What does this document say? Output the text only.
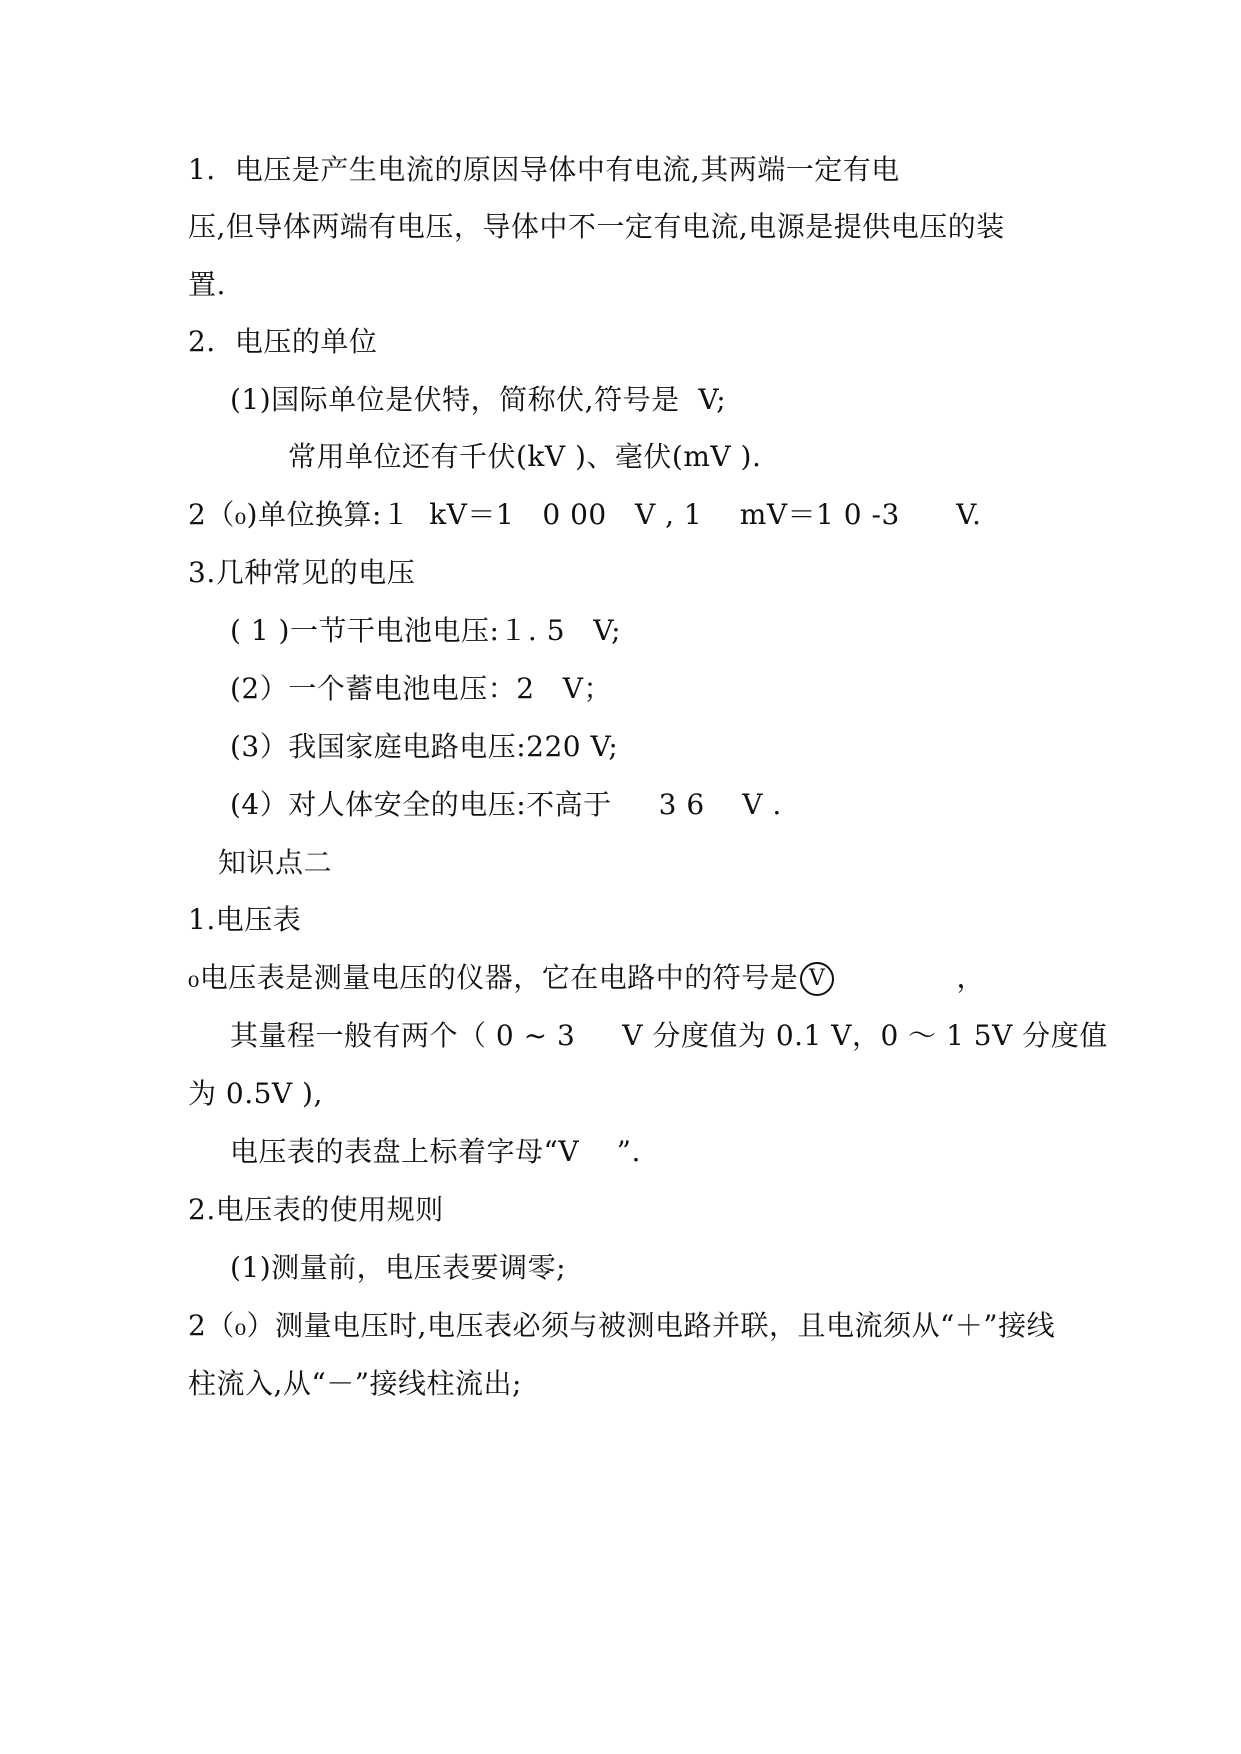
1．电压是产生电流的原因导体中有电流,其两端一定有电
压,但导体两端有电压，导体中不一定有电流,电源是提供电压的装
置.
2．电压的单位
(1)国际单位是伏特，简称伏,符号是  V;
常用单位还有千伏(kV )、毫伏(mV ).
2（₀)单位换算:１  kV＝1   0 00   V , 1    mV＝1 0 -3      V.
3.几种常见的电压
( 1 )一节干电池电压:１. 5   V;
(2）一个蓄电池电压：2   V；
(3）我国家庭电路电压:220 V;
(4）对人体安全的电压:不高于     3 6    V .
知识点二
1.电压表
₀电压表是测量电压的仪器，它在电路中的符号是 V             ，
其量程一般有两个（ 0 ~ 3     V 分度值为 0.1 V，0 ～ 1 5V 分度值
为 0.5V ),
电压表的表盘上标着字母“V    ”.
2.电压表的使用规则
(1)测量前，电压表要调零;
2（₀）测量电压时,电压表必须与被测电路并联，且电流须从“＋”接线
柱流入,从“－”接线柱流出;
